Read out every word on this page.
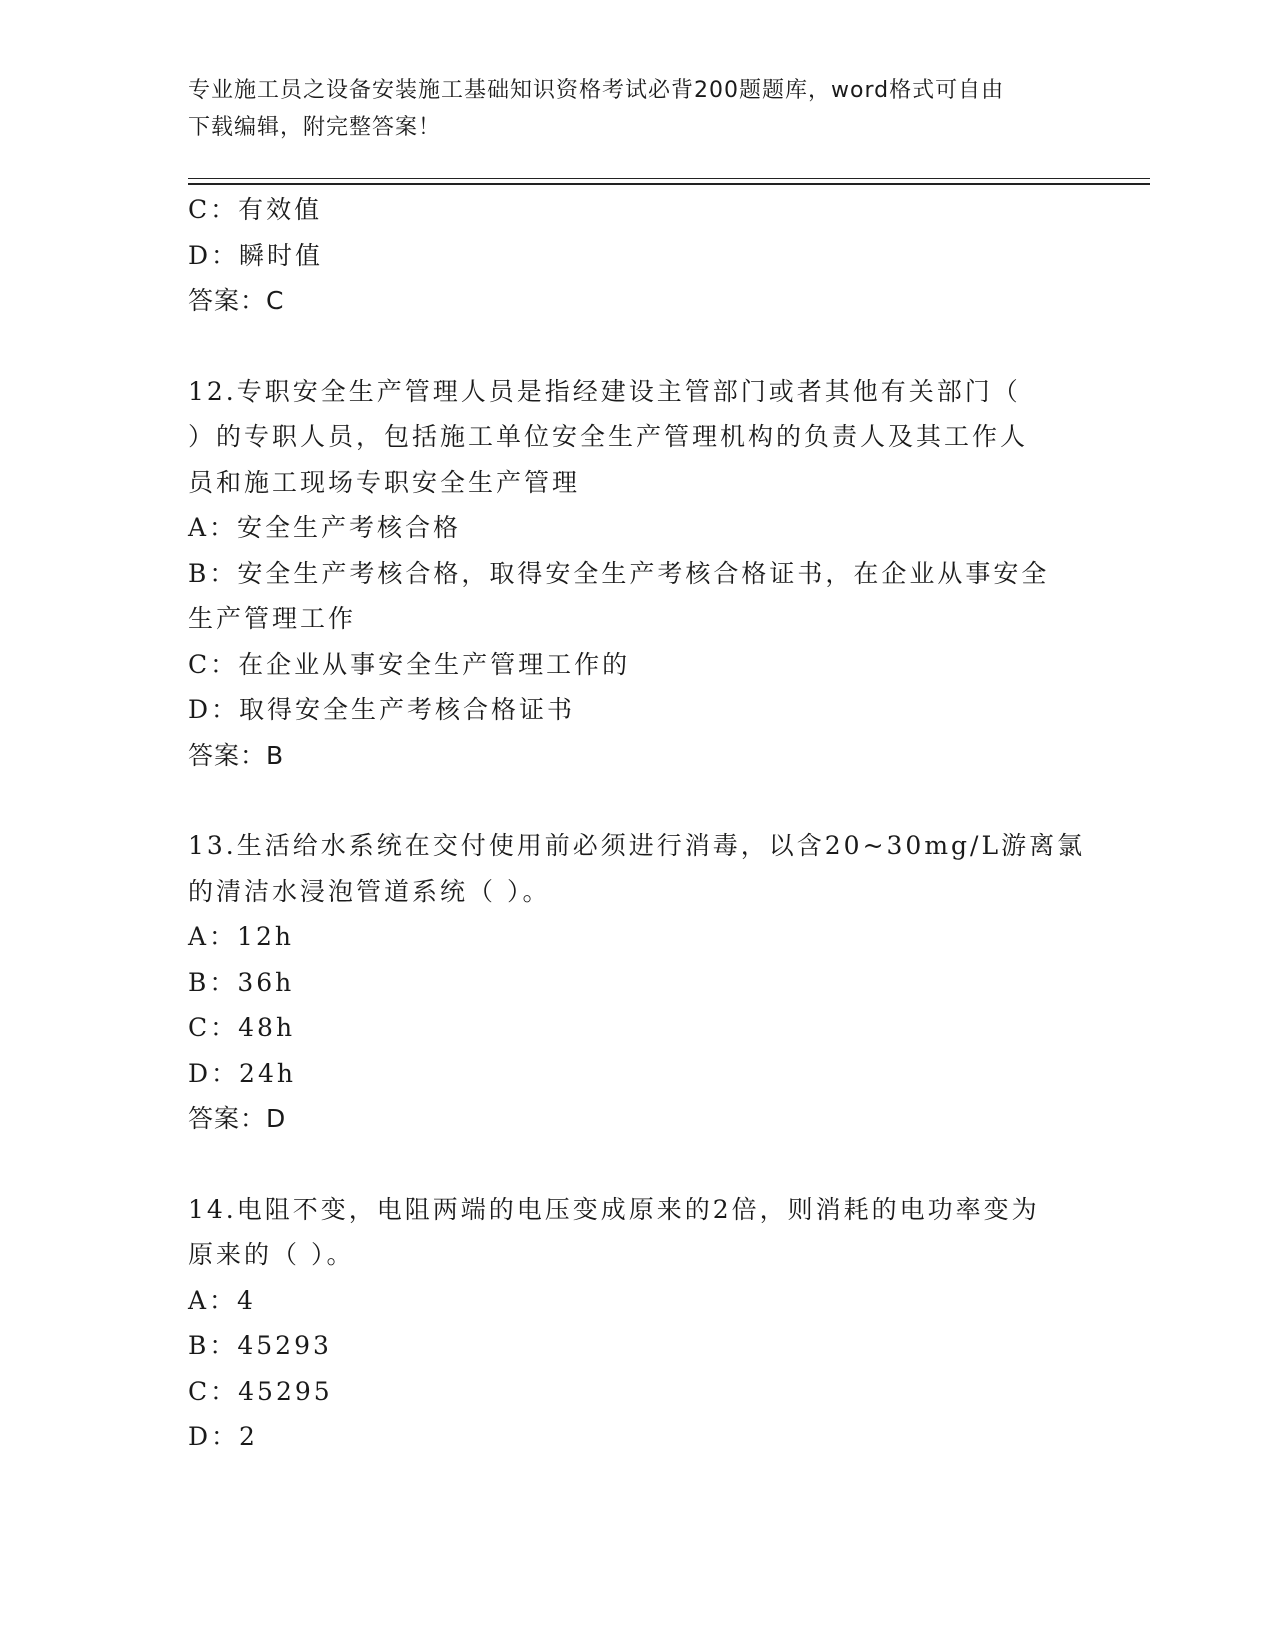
专业施工员之设备安装施工基础知识资格考试必背200题题库，word格式可自由
下载编辑，附完整答案！
C：有效值
D：瞬时值
答案：C
12.专职安全生产管理人员是指经建设主管部门或者其他有关部门（
）的专职人员，包括施工单位安全生产管理机构的负责人及其工作人
员和施工现场专职安全生产管理
A：安全生产考核合格
B：安全生产考核合格，取得安全生产考核合格证书，在企业从事安全
生产管理工作
C：在企业从事安全生产管理工作的
D：取得安全生产考核合格证书
答案：B
13.生活给水系统在交付使用前必须进行消毒，以含20~30mg/L游离氯
的清洁水浸泡管道系统（ ）。
A：12h
B：36h
C：48h
D：24h
答案：D
14.电阻不变，电阻两端的电压变成原来的2倍，则消耗的电功率变为
原来的（ ）。
A：4
B：45293
C：45295
D：2
